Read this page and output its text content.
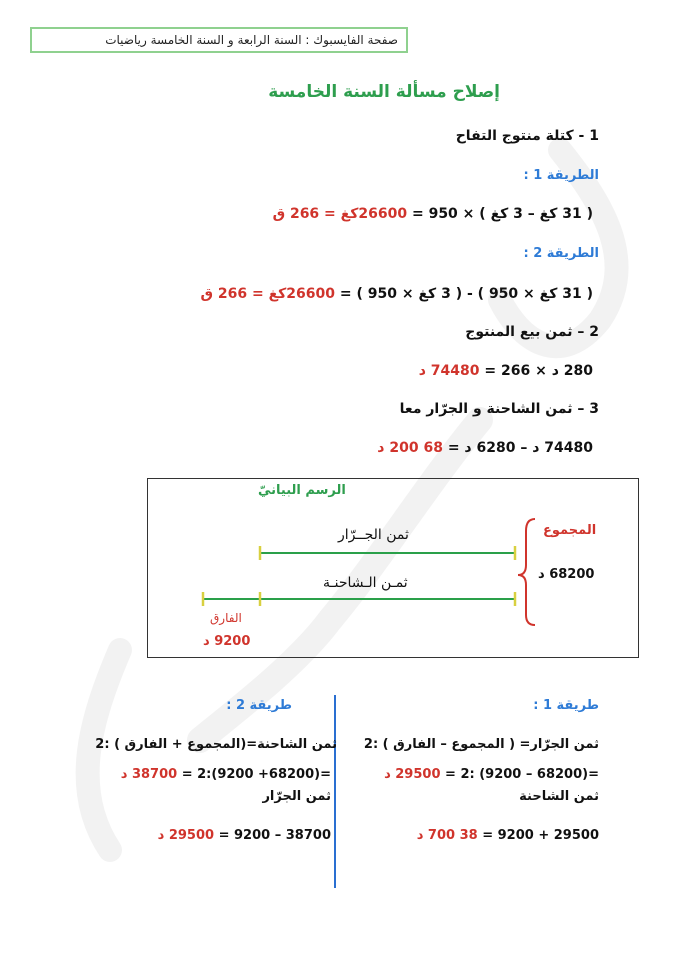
صفحة الفايسبوك : السنة الرابعة و السنة الخامسة رياضيات
إصلاح مسألة السنة الخامسة
1 - كتلة منتوج التفاح
الطريقة 1 :
( 31 كغ – 3 كغ ) × 950 = 26600كغ = 266 ق
الطريقة 2 :
( 31 كغ × 950 ) - ( 3 كغ × 950 ) = 26600كغ = 266 ق
2 – ثمن بيع المنتوج
280 د × 266 = 74480 د
3 – ثمن الشاحنة و الجرّار معا
74480 د – 6280 د = 68 200 د
الرسم البيانيّ
ثمن الجــرّار
ثمـن الـشاحنـة
المجموع
68200 د
الفارق
9200 د
طريقة 1 :
ثمن الجرّار= ( المجموع – الفارق ) :2
=(68200 – 9200) :2 = 29500 د
ثمن الشاحنة
29500 + 9200 = 38 700 د
طريقة 2 :
ثمن الشاحنة=(المجموع + الفارق ) :2
=(68200+ 9200):2 = 38700 د
ثمن الجرّار
38700 – 9200 = 29500 د
